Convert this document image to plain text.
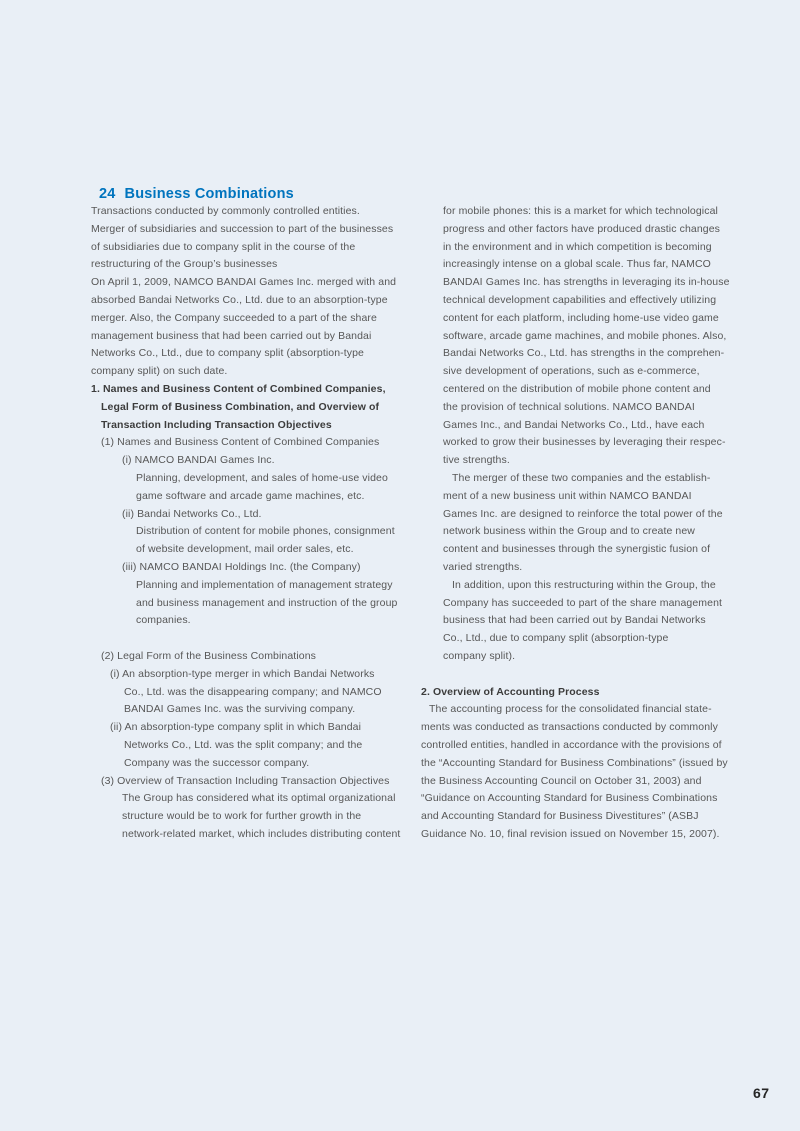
24 Business Combinations
Transactions conducted by commonly controlled entities.
Merger of subsidiaries and succession to part of the businesses
of subsidiaries due to company split in the course of the
restructuring of the Group’s businesses
On April 1, 2009, NAMCO BANDAI Games Inc. merged with and
absorbed Bandai Networks Co., Ltd. due to an absorption-type
merger. Also, the Company succeeded to a part of the share
management business that had been carried out by Bandai
Networks Co., Ltd., due to company split (absorption-type
company split) on such date.
1. Names and Business Content of Combined Companies,
Legal Form of Business Combination, and Overview of
Transaction Including Transaction Objectives
(1) Names and Business Content of Combined Companies
(i) NAMCO BANDAI Games Inc.
Planning, development, and sales of home-use video
game software and arcade game machines, etc.
(ii) Bandai Networks Co., Ltd.
Distribution of content for mobile phones, consignment
of website development, mail order sales, etc.
(iii) NAMCO BANDAI Holdings Inc. (the Company)
Planning and implementation of management strategy
and business management and instruction of the group
companies.

(2) Legal Form of the Business Combinations
(i) An absorption-type merger in which Bandai Networks
Co., Ltd. was the disappearing company; and NAMCO
BANDAI Games Inc. was the surviving company.
(ii) An absorption-type company split in which Bandai
Networks Co., Ltd. was the split company; and the
Company was the successor company.
(3) Overview of Transaction Including Transaction Objectives
The Group has considered what its optimal organizational
structure would be to work for further growth in the
network-related market, which includes distributing content
for mobile phones: this is a market for which technological
progress and other factors have produced drastic changes
in the environment and in which competition is becoming
increasingly intense on a global scale. Thus far, NAMCO
BANDAI Games Inc. has strengths in leveraging its in-house
technical development capabilities and effectively utilizing
content for each platform, including home-use video game
software, arcade game machines, and mobile phones. Also,
Bandai Networks Co., Ltd. has strengths in the comprehen-
sive development of operations, such as e-commerce,
centered on the distribution of mobile phone content and
the provision of technical solutions. NAMCO BANDAI
Games Inc., and Bandai Networks Co., Ltd., have each
worked to grow their businesses by leveraging their respec-
tive strengths.
The merger of these two companies and the establish-
ment of a new business unit within NAMCO BANDAI
Games Inc. are designed to reinforce the total power of the
network business within the Group and to create new
content and businesses through the synergistic fusion of
varied strengths.
In addition, upon this restructuring within the Group, the
Company has succeeded to part of the share management
business that had been carried out by Bandai Networks
Co., Ltd., due to company split (absorption-type
company split).

2. Overview of Accounting Process
The accounting process for the consolidated financial state-
ments was conducted as transactions conducted by commonly
controlled entities, handled in accordance with the provisions of
the “Accounting Standard for Business Combinations” (issued by
the Business Accounting Council on October 31, 2003) and
“Guidance on Accounting Standard for Business Combinations
and Accounting Standard for Business Divestitures” (ASBJ
Guidance No. 10, final revision issued on November 15, 2007).
67
